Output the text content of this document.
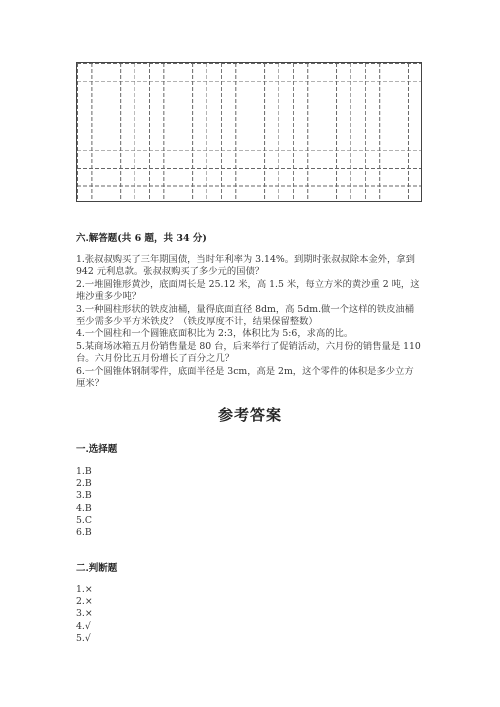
六.解答题(共 6 题，共 34 分)

1.张叔叔购买了三年期国债，当时年利率为 3.14%。到期时张叔叔除本金外，拿到 942 元利息款。张叔叔购买了多少元的国债？
2.一堆圆锥形黄沙，底面周长是 25.12 米，高 1.5 米，每立方米的黄沙重 2 吨，这堆沙重多少吨？
3.一种圆柱形状的铁皮油桶，量得底面直径 8dm，高 5dm.做一个这样的铁皮油桶至少需多少平方米铁皮？（铁皮厚度不计，结果保留整数）
4.一个圆柱和一个圆锥底面积比为 2:3，体积比为 5:6，求高的比。
5.某商场冰箱五月份销售量是 80 台，后来举行了促销活动，六月份的销售量是 110 台。六月份比五月份增长了百分之几？
6.一个圆锥体钢制零件，底面半径是 3cm，高是 2m，这个零件的体积是多少立方厘米？
参考答案

一.选择题

1.B
2.B
3.B
4.B
5.C
6.B

二.判断题

1.×
2.×
3.×
4.√
5.√
